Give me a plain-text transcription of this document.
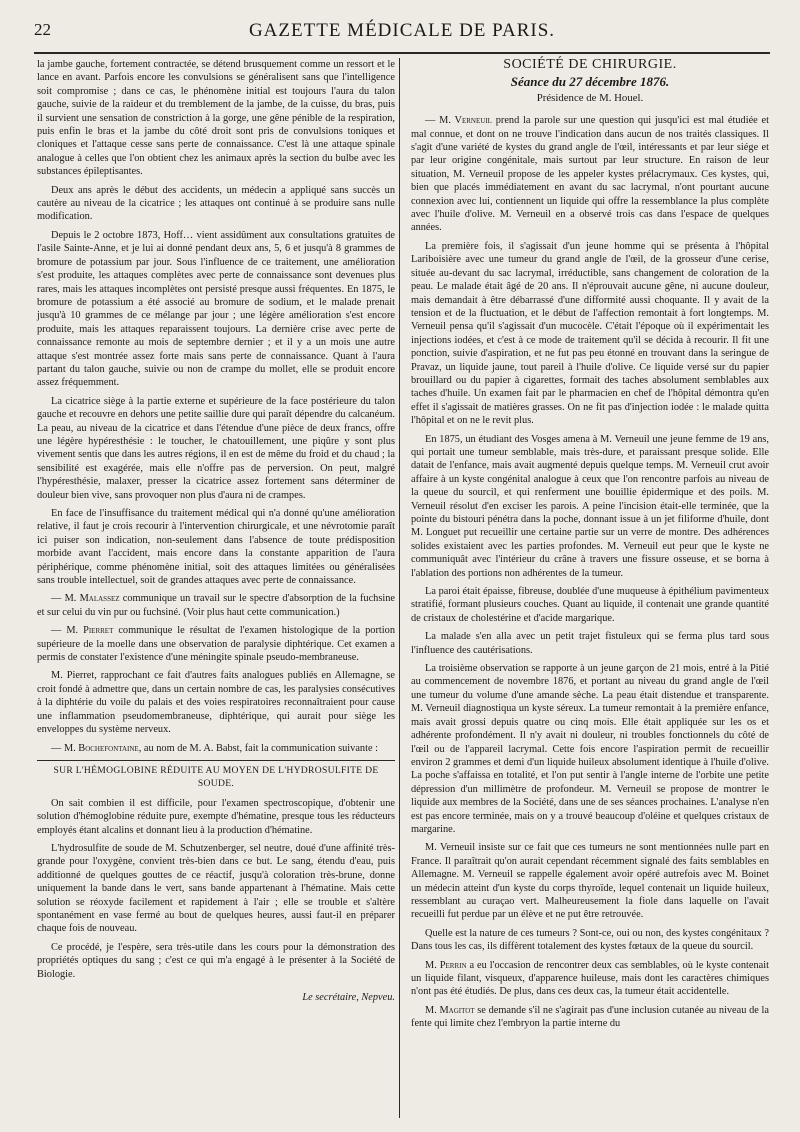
22	GAZETTE MÉDICALE DE PARIS.

la jambe gauche, fortement contractée, se détend brusquement comme un ressort et le lance en avant. Parfois encore les convulsions se généralisent sans que l'intelligence soit compromise ; dans ce cas, le phénomène initial est toujours l'aura du talon gauche, suivie de la raideur et du tremblement de la jambe, de la cuisse, du bras, puis il survient une sensation de constriction à la gorge, une gêne pénible de la respiration, puis enfin le bras et la jambe du côté droit sont pris de convulsions toniques et cloniques et l'attaque cesse sans perte de connaissance. C'est là une attaque spinale analogue à celles que l'on obtient chez les animaux après la section du bulbe avec les substances épileptisantes.

Deux ans après le début des accidents, un médecin a appliqué sans succès un cautère au niveau de la cicatrice ; les attaques ont continué à se produire sans nulle modification.

Depuis le 2 octobre 1873, Hoff… vient assidûment aux consultations gratuites de l'asile Sainte-Anne, et je lui ai donné pendant deux ans, 5, 6 et jusqu'à 8 grammes de bromure de potassium par jour. Sous l'influence de ce traitement, une amélioration s'est produite, les attaques complètes avec perte de connaissance sont devenues plus rares, mais les attaques incomplètes ont persisté presque aussi fréquentes. En 1875, le bromure de potassium a été associé au bromure de sodium, et le malade prenait jusqu'à 10 grammes de ce mélange par jour ; une légère amélioration s'est encore produite, mais les attaques reparaissent toujours. La dernière crise avec perte de connaissance remonte au mois de septembre dernier ; et il y a un mois une autre attaque s'est montrée assez forte mais sans perte de connaissance. Quant à l'aura partant du talon gauche, suivie ou non de crampe du mollet, elle se produit encore assez fréquemment.

La cicatrice siège à la partie externe et supérieure de la face postérieure du talon gauche et recouvre en dehors une petite saillie dure qui paraît dépendre du calcanéum. La peau, au niveau de la cicatrice et dans l'étendue d'une pièce de deux francs, offre une légère hypéresthésie : le toucher, le chatouillement, une piqûre y sont plus vivement sentis que dans les autres régions, il en est de même du froid et du chaud ; la sensibilité est exagérée, mais elle n'offre pas de perversion. On peut, malgré l'hypéresthésie, malaxer, presser la cicatrice assez fortement sans déterminer de douleur bien vive, sans provoquer non plus d'aura ni de crampes.

En face de l'insuffisance du traitement médical qui n'a donné qu'une amélioration relative, il faut je crois recourir à l'intervention chirurgicale, et une névrotomie paraît ici puiser son indication, non-seulement dans l'absence de toute prédisposition morbide avant l'accident, mais encore dans la constante apparition de l'aura périphérique, comme phénomène initial, soit des attaques limitées ou généralisées sans trouble intellectuel, soit de grandes attaques avec perte de connaissance.

— M. Malassez communique un travail sur le spectre d'absorption de la fuchsine et sur celui du vin pur ou fuchsiné. (Voir plus haut cette communication.)

— M. Pierret communique le résultat de l'examen histologique de la portion supérieure de la moelle dans une observation de paralysie diphtérique. Cet examen a permis de constater l'existence d'une méningite spinale pseudo-membraneuse.

M. Pierret, rapprochant ce fait d'autres faits analogues publiés en Allemagne, se croit fondé à admettre que, dans un certain nombre de cas, les paralysies consécutives à la diphtérie du voile du palais et des voies respiratoires reconnaîtraient pour cause une inflammation pseudomembraneuse, diphtérique, qui aurait pour siège les enveloppes du système nerveux.

— M. Bochefontaine, au nom de M. A. Babst, fait la communication suivante :

SUR L'HÉMOGLOBINE RÉDUITE AU MOYEN DE L'HYDROSULFITE DE SOUDE.

On sait combien il est difficile, pour l'examen spectroscopique, d'obtenir une solution d'hémoglobine réduite pure, exempte d'hématine, presque tous les réducteurs employés étant alcalins et donnant lieu à la production d'hématine.

L'hydrosulfite de soude de M. Schutzenberger, sel neutre, doué d'une affinité très-grande pour l'oxygène, convient très-bien dans ce but. Le sang, étendu d'eau, puis additionné de quelques gouttes de ce réactif, jusqu'à coloration très-brune, donne uniquement la bande dans le vert, sans bande appartenant à l'hématine. Mais cette solution se réoxyde facilement et rapidement à l'air ; elle se trouble et s'altère spontanément en vase fermé au bout de quelques heures, aussi faut-il en préparer chaque fois de nouveau.

Ce procédé, je l'espère, sera très-utile dans les cours pour la démonstration des propriétés optiques du sang ; c'est ce qui m'a engagé à le présenter à la Société de Biologie.

Le secrétaire, Nepveu.

SOCIÉTÉ DE CHIRURGIE.
Séance du 27 décembre 1876.
Présidence de M. Houel.

— M. Verneuil prend la parole sur une question qui jusqu'ici est mal étudiée et mal connue, et dont on ne trouve l'indication dans aucun de nos traités classiques. Il s'agit d'une variété de kystes du grand angle de l'œil, intéressants et par leur siége et par leur origine congénitale, mais surtout par leur structure. En raison de leur situation, M. Verneuil propose de les appeler kystes prélacrymaux. Ces kystes, qui, bien que placés immédiatement en avant du sac lacrymal, n'ont pourtant aucune connexion avec lui, contiennent un liquide qui offre la ressemblance la plus complète avec l'huile d'olive. M. Verneuil en a observé trois cas dans l'espace de quelques années.

La première fois, il s'agissait d'un jeune homme qui se présenta à l'hôpital Lariboisière avec une tumeur du grand angle de l'œil, de la grosseur d'une cerise, située au-devant du sac lacrymal, irréductible, sans changement de coloration de la peau. Le malade était âgé de 20 ans. Il n'éprouvait aucune gêne, ni aucune douleur, mais demandait à être débarrassé d'une difformité aussi choquante. Il y avait de la tension et de la fluctuation, et le début de l'affection remontait à fort longtemps. M. Verneuil pensa qu'il s'agissait d'un mucocèle. C'était l'époque où il expérimentait les injections iodées, et c'est à ce mode de traitement qu'il se décida à recourir. Il fit une ponction, suivie d'aspiration, et ne fut pas peu étonné en trouvant dans la seringue de Pravaz, un liquide jaune, tout pareil à l'huile d'olive. Ce liquide versé sur du papier brouillard ou du papier à cigarettes, formait des taches absolument semblables aux taches d'huile. Un examen fait par le pharmacien en chef de l'hôpital démontra qu'en effet il s'agissait de matières grasses. On ne fit pas d'injection iodée : le malade quitta l'hôpital et on ne le revit plus.

En 1875, un étudiant des Vosges amena à M. Verneuil une jeune femme de 19 ans, qui portait une tumeur semblable, mais très-dure, et paraissant presque solide. Elle datait de l'enfance, mais avait augmenté depuis quelque temps. M. Verneuil crut avoir affaire à un kyste congénital analogue à ceux que l'on rencontre parfois au niveau de la queue du sourcil, et qui renferment une bouillie épidermique et des poils. M. Verneuil résolut d'en exciser les parois. A peine l'incision était-elle terminée, que la pointe du bistouri pénétra dans la poche, donnant issue à un jet filiforme d'huile, dont M. Longuet put recueillir une certaine partie sur un verre de montre. Des adhérences solides existaient avec les parties profondes. M. Verneuil eut peur que le kyste ne communiquât avec l'intérieur du crâne à travers une fissure osseuse, et se borna à l'ablation des portions non adhérentes de la tumeur.

La paroi était épaisse, fibreuse, doublée d'une muqueuse à épithélium pavimenteux stratifié, formant plusieurs couches. Quant au liquide, il contenait une grande quantité de cristaux de cholestérine et d'acide margarique.

La malade s'en alla avec un petit trajet fistuleux qui se ferma plus tard sous l'influence des cautérisations.

La troisième observation se rapporte à un jeune garçon de 21 mois, entré à la Pitié au commencement de novembre 1876, et portant au niveau du grand angle de l'œil une tumeur du volume d'une amande sèche. La peau était distendue et transparente. M. Verneuil diagnostiqua un kyste séreux. La tumeur remontait à la première enfance, mais avait grossi depuis quatre ou cinq mois. Elle était appliquée sur les os et adhérente profondément. Il n'y avait ni douleur, ni troubles fonctionnels du côté de l'œil ou de l'appareil lacrymal. Cette fois encore l'aspiration permit de recueillir environ 2 grammes et demi d'un liquide huileux absolument identique à l'huile d'olive. La poche s'affaissa en totalité, et l'on put sentir à l'angle interne de l'orbite une petite dépression d'un millimètre de profondeur. M. Verneuil se propose de montrer le liquide aux membres de la Société, dans une de ses séances prochaines. L'analyse n'en est pas encore terminée, mais on y a trouvé beaucoup d'oléine et quelques cristaux de margarine.

M. Verneuil insiste sur ce fait que ces tumeurs ne sont mentionnées nulle part en France. Il paraîtrait qu'on aurait cependant récemment signalé des faits semblables en Allemagne. M. Verneuil se rappelle également avoir opéré autrefois avec M. Boinet un médecin atteint d'un kyste du corps thyroïde, lequel contenait un liquide huileux, ressemblant au curaçao vert. Malheureusement la fiole dans laquelle on l'avait recueilli fut perdue par un élève et ne put être retrouvée.

Quelle est la nature de ces tumeurs ? Sont-ce, oui ou non, des kystes congénitaux ? Dans tous les cas, ils diffèrent totalement des kystes fœtaux de la queue du sourcil.

M. Perrin a eu l'occasion de rencontrer deux cas semblables, où le kyste contenait un liquide filant, visqueux, d'apparence huileuse, mais dont les caractères chimiques n'ont pas été étudiés. De plus, dans ces deux cas, la tumeur était accidentelle.

M. Magitot se demande s'il ne s'agirait pas d'une inclusion cutanée au niveau de la fente qui limite chez l'embryon la partie interne du
